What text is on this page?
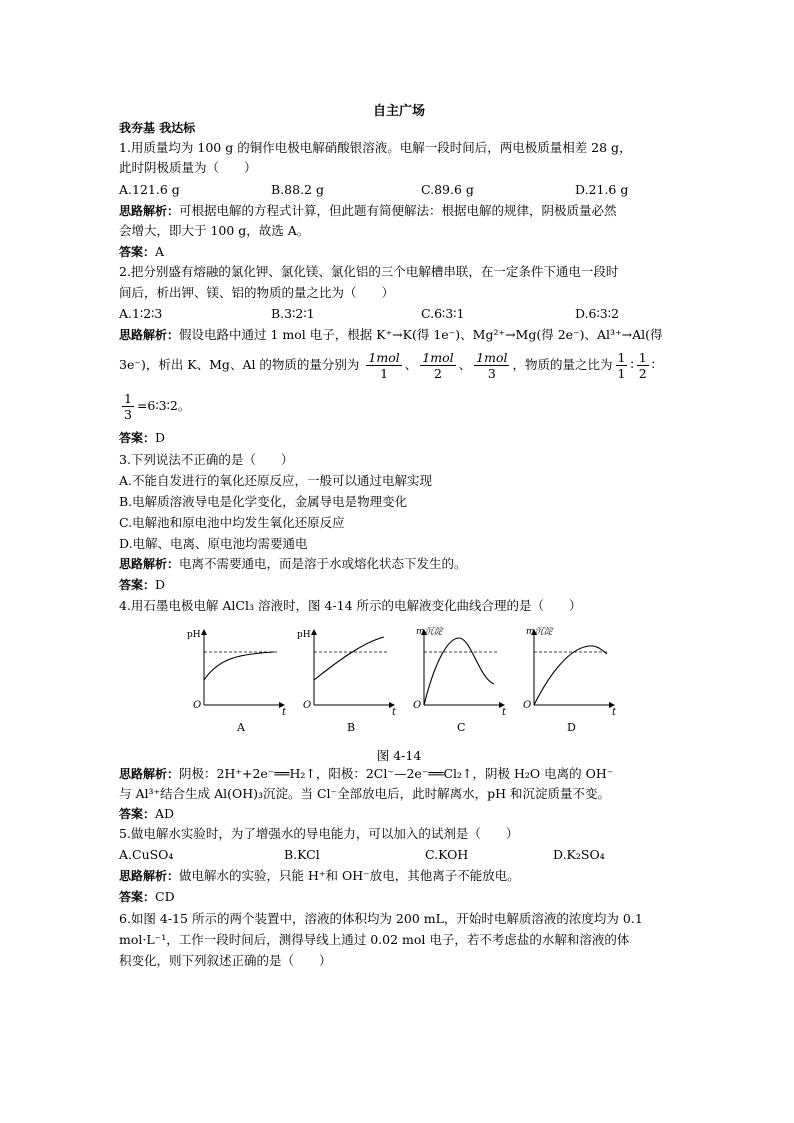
自主广场
我夯基 我达标
1.用质量均为 100 g 的铜作电极电解硝酸银溶液。电解一段时间后，两电极质量相差 28 g，
此时阴极质量为（　　）
A.121.6 g	B.88.2 g	C.89.6 g	D.21.6 g
思路解析：可根据电解的方程式计算，但此题有简便解法：根据电解的规律，阴极质量必然
会增大，即大于 100 g，故选 A。
答案：A
2.把分别盛有熔融的氯化钾、氯化镁、氯化铝的三个电解槽串联，在一定条件下通电一段时
间后，析出钾、镁、铝的物质的量之比为（　　）
A.1∶2∶3	B.3∶2∶1	C.6∶3∶1	D.6∶3∶2
思路解析：假设电路中通过 1 mol 电子，根据 K⁺→K(得 1e⁻)、Mg²⁺→Mg(得 2e⁻)、Al³⁺→Al(得
3e⁻)，析出 K、Mg、Al 的物质的量分别为 $\frac{\text{1mol}}{1}$ 、 $\frac{\text{1mol}}{2}$ 、 $\frac{\text{1mol}}{3}$ ，物质的量之比为 $\frac{1}{1}$ ∶ $\frac{1}{2}$ ∶
$\frac{1}{3}$ =6∶3∶2。
答案：D
3.下列说法不正确的是（　　）
A.不能自发进行的氧化还原反应，一般可以通过电解实现
B.电解质溶液导电是化学变化，金属导电是物理变化
C.电解池和原电池中均发生氧化还原反应
D.电解、电离、原电池均需要通电
思路解析：电离不需要通电，而是溶于水或熔化状态下发生的。
答案：D
4.用石墨电极电解 AlCl₃ 溶液时，图 4-14 所示的电解液变化曲线合理的是（　　）
pH
t
O
A
pH
t
O
B
m沉淀
t
O
C
m沉淀
t
O
D
图 4-14
思路解析：阴极：2H⁺+2e⁻══H₂↑，阳极：2Cl⁻—2e⁻══Cl₂↑，阴极 H₂O 电离的 OH⁻
与 Al³⁺结合生成 Al(OH)₃沉淀。当 Cl⁻全部放电后，此时解离水，pH 和沉淀质量不变。
答案：AD
5.做电解水实验时，为了增强水的导电能力，可以加入的试剂是（　　）
A.CuSO₄	B.KCl	C.KOH	D.K₂SO₄
思路解析：做电解水的实验，只能 H⁺和 OH⁻放电，其他离子不能放电。
答案：CD
6.如图 4-15 所示的两个装置中，溶液的体积均为 200 mL，开始时电解质溶液的浓度均为 0.1
mol·L⁻¹，工作一段时间后，测得导线上通过 0.02 mol 电子，若不考虑盐的水解和溶液的体
积变化，则下列叙述正确的是（　　）
